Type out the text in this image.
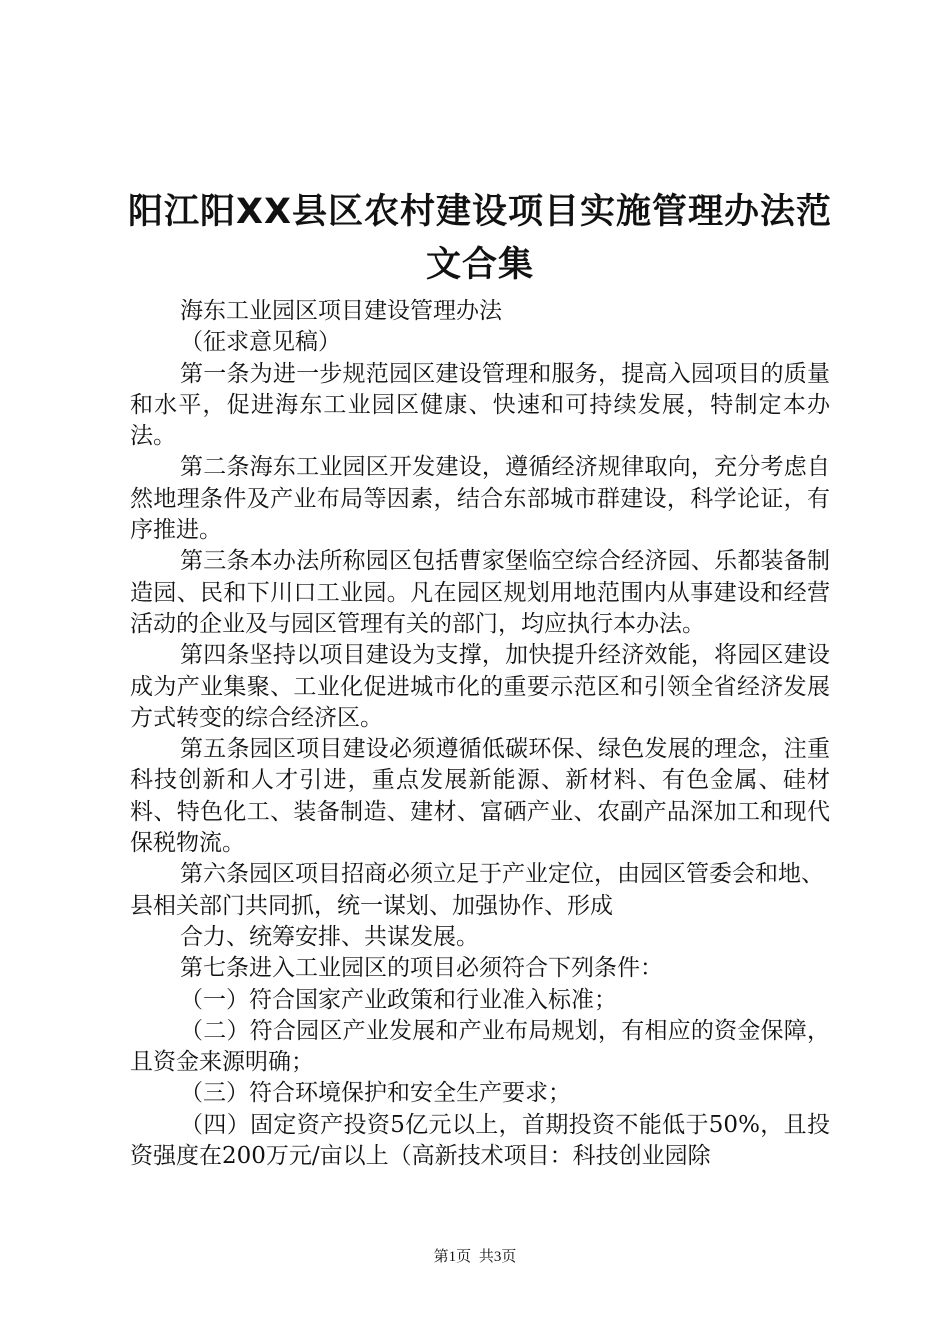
阳江阳XX县区农村建设项目实施管理办法范
文合集

海东工业园区项目建设管理办法

（征求意见稿）

第一条为进一步规范园区建设管理和服务，提高入园项目的质量和水平，促进海东工业园区健康、快速和可持续发展，特制定本办法。

第二条海东工业园区开发建设，遵循经济规律取向，充分考虑自然地理条件及产业布局等因素，结合东部城市群建设，科学论证，有序推进。

第三条本办法所称园区包括曹家堡临空综合经济园、乐都装备制造园、民和下川口工业园。凡在园区规划用地范围内从事建设和经营活动的企业及与园区管理有关的部门，均应执行本办法。

第四条坚持以项目建设为支撑，加快提升经济效能，将园区建设成为产业集聚、工业化促进城市化的重要示范区和引领全省经济发展方式转变的综合经济区。

第五条园区项目建设必须遵循低碳环保、绿色发展的理念，注重科技创新和人才引进，重点发展新能源、新材料、有色金属、硅材料、特色化工、装备制造、建材、富硒产业、农副产品深加工和现代保税物流。

第六条园区项目招商必须立足于产业定位，由园区管委会和地、县相关部门共同抓，统一谋划、加强协作、形成

合力、统筹安排、共谋发展。

第七条进入工业园区的项目必须符合下列条件：

（一）符合国家产业政策和行业准入标准；

（二）符合园区产业发展和产业布局规划，有相应的资金保障，且资金来源明确；

（三）符合环境保护和安全生产要求；

（四）固定资产投资5亿元以上，首期投资不能低于50%，且投资强度在200万元/亩以上（高新技术项目：科技创业园除

第1页 共3页
